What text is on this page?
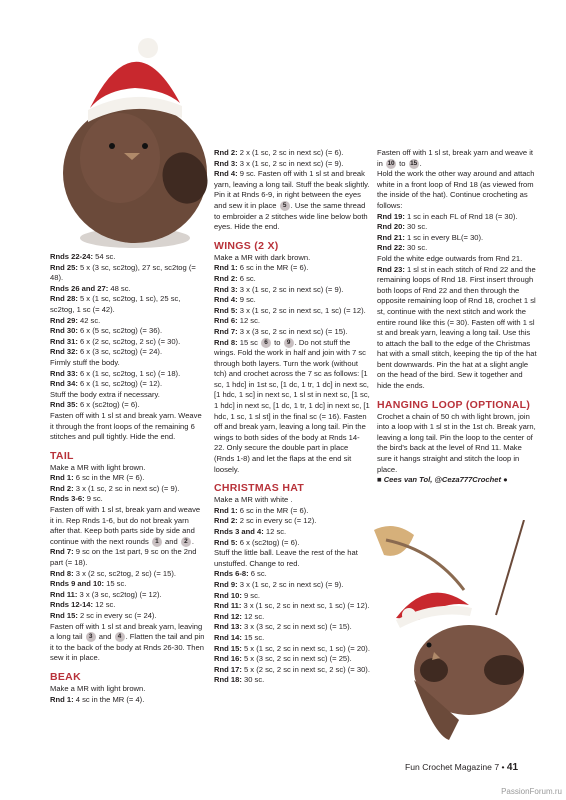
Rnds 22-24: 54 sc.

Rnd 25: 5 x (3 sc, sc2tog), 27 sc, sc2tog (= 48).

Rnds 26 and 27: 48 sc.

Rnd 28: 5 x (1 sc, sc2tog, 1 sc), 25 sc, sc2tog, 1 sc (= 42).

Rnd 29: 42 sc.

Rnd 30: 6 x (5 sc, sc2tog) (= 36).

Rnd 31: 6 x (2 sc, sc2tog, 2 sc) (= 30).

Rnd 32: 6 x (3 sc, sc2tog) (= 24).

Firmly stuff the body.

Rnd 33: 6 x (1 sc, sc2tog, 1 sc) (= 18).

Rnd 34: 6 x (1 sc, sc2tog) (= 12).

Stuff the body extra if necessary.

Rnd 35: 6 x (sc2tog) (= 6).

Fasten off with 1 sl st and break yarn. Weave it through the front loops of the remaining 6 stitches and pull tightly. Hide the end.

TAIL

Make a MR with light brown.

Rnd 1: 6 sc in the MR (= 6).

Rnd 2: 3 x (1 sc, 2 sc in next sc) (= 9).

Rnds 3-6: 9 sc.

Fasten off with 1 sl st, break yarn and weave it in. Rep Rnds 1-6, but do not break yarn after that. Keep both parts side by side and continue with the next rounds 1 and 2 .

Rnd 7: 9 sc on the 1st part, 9 sc on the 2nd part (= 18).

Rnd 8: 3 x (2 sc, sc2tog, 2 sc) (= 15).

Rnds 9 and 10: 15 sc.

Rnd 11: 3 x (3 sc, sc2tog) (= 12).

Rnds 12-14: 12 sc.

Rnd 15: 2 sc in every sc (= 24).

Fasten off with 1 sl st and break yarn, leaving a long tail 3 and 4 . Flatten the tail and pin it to the back of the body at Rnds 26-30. Then sew it in place.

BEAK

Make a MR with light brown.

Rnd 1: 4 sc in the MR (= 4).

Rnd 2: 2 x (1 sc, 2 sc in next sc) (= 6).

Rnd 3: 3 x (1 sc, 2 sc in next sc) (= 9).

Rnd 4: 9 sc. Fasten off with 1 sl st and break yarn, leaving a long tail. Stuff the beak slightly. Pin it at Rnds 6-9, in right between the eyes and sew it in place 5 . Use the same thread to embroider a 2 stitches wide line below both eyes. Hide the end.

WINGS (2 X)

Make a MR with dark brown.

Rnd 1: 6 sc in the MR (= 6).

Rnd 2: 6 sc.

Rnd 3: 3 x (1 sc, 2 sc in next sc) (= 9).

Rnd 4: 9 sc.

Rnd 5: 3 x (1 sc, 2 sc in next sc, 1 sc) (= 12).

Rnd 6: 12 sc.

Rnd 7: 3 x (3 sc, 2 sc in next sc) (= 15).

Rnd 8: 15 sc 6 to 9 . Do not stuff the wings. Fold the work in half and join with 7 sc through both layers. Turn the work (without tch) and crochet across the 7 sc as follows: [1 sc, 1 hdc] in 1st sc, [1 dc, 1 tr, 1 dc] in next sc, [1 hdc, 1 sc] in next sc, 1 sl st in next sc, [1 sc, 1 hdc] in next sc, [1 dc, 1 tr, 1 dc] in next sc, [1 hdc, 1 sc, 1 sl st] in the final sc (= 16). Fasten off and break yarn, leaving a long tail. Pin the wings to both sides of the body at Rnds 14-22. Only secure the double part in place (Rnds 1-8) and let the flaps at the end sit loosely.

CHRISTMAS HAT

Make a MR with white .

Rnd 1: 6 sc in the MR (= 6).

Rnd 2: 2 sc in every sc (= 12).

Rnds 3 and 4: 12 sc.

Rnd 5: 6 x (sc2tog) (= 6).

Stuff the little ball. Leave the rest of the hat unstuffed. Change to red.

Rnds 6-8: 6 sc.

Rnd 9: 3 x (1 sc, 2 sc in next sc) (= 9).

Rnd 10: 9 sc.

Rnd 11: 3 x (1 sc, 2 sc in next sc, 1 sc) (= 12).

Rnd 12: 12 sc.

Rnd 13: 3 x (3 sc, 2 sc in next sc) (= 15).

Rnd 14: 15 sc.

Rnd 15: 5 x (1 sc, 2 sc in next sc, 1 sc) (= 20).

Rnd 16: 5 x (3 sc, 2 sc in next sc) (= 25).

Rnd 17: 5 x (2 sc, 2 sc in next sc, 2 sc) (= 30).

Rnd 18: 30 sc.

Fasten off with 1 sl st, break yarn and weave it in 10 to 15 .

Hold the work the other way around and attach white in a front loop of Rnd 18 (as viewed from the inside of the hat). Continue crocheting as follows:

Rnd 19: 1 sc in each FL of Rnd 18 (= 30).

Rnd 20: 30 sc.

Rnd 21: 1 sc in every BL(= 30).

Rnd 22: 30 sc.

Fold the white edge outwards from Rnd 21.

Rnd 23: 1 sl st in each stitch of Rnd 22 and the remaining loops of Rnd 18. First insert through both loops of Rnd 22 and then through the opposite remaining loop of Rnd 18, crochet 1 sl st, continue with the next stitch and work the entire round like this (= 30). Fasten off with 1 sl st and break yarn, leaving a long tail. Use this to attach the ball to the edge of the Christmas hat with a small stitch, keeping the tip of the hat bent downwards. Pin the hat at a slight angle on the head of the bird. Sew it together and hide the ends.

HANGING LOOP (OPTIONAL)

Crochet a chain of 50 ch with light brown, join into a loop with 1 sl st in the 1st ch. Break yarn, leaving a long tail. Pin the loop to the center of the bird's back at the level of Rnd 11. Make sure it hangs straight and stitch the loop in place.

■ Cees van Tol, @Ceza777Crochet ●

Fun Crochet Magazine 7 • 41
PassionForum.ru
